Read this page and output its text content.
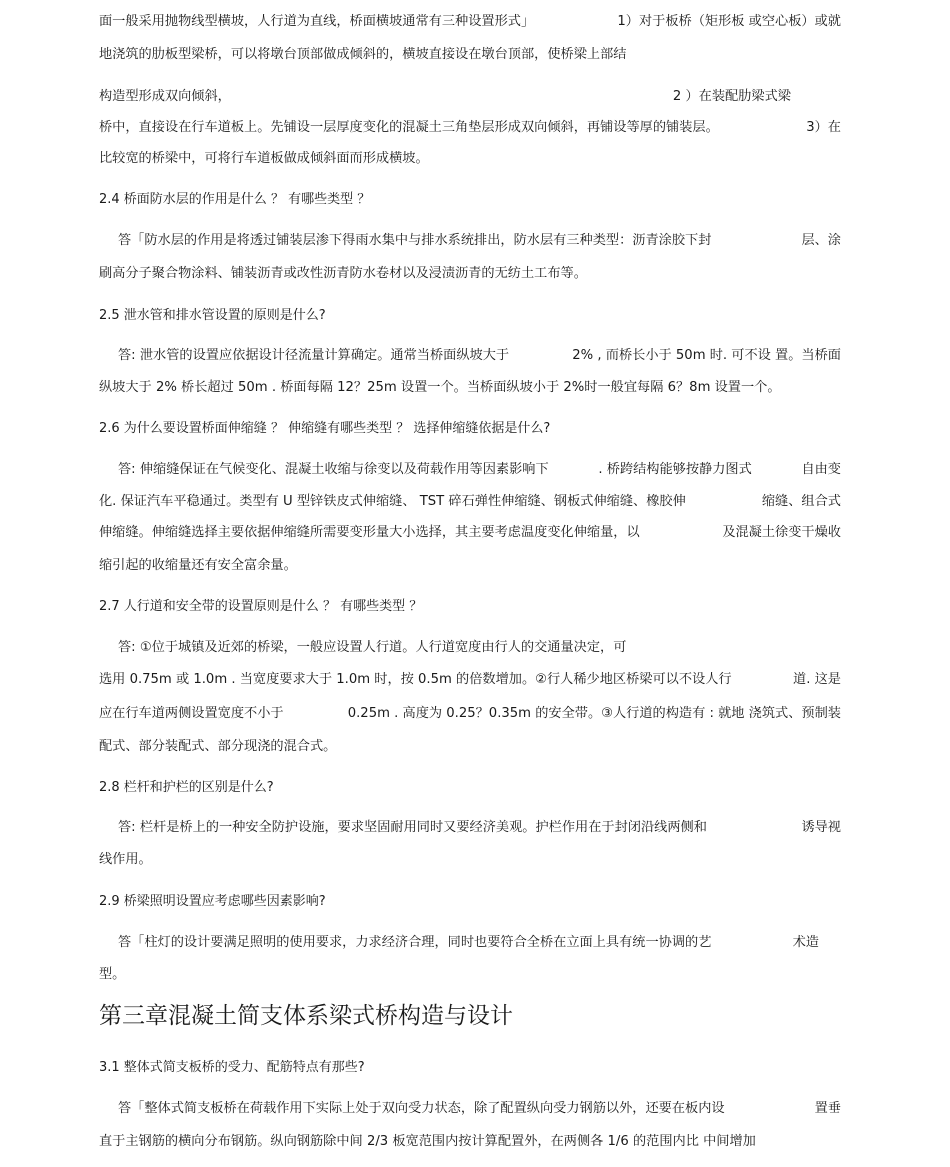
面一般采用抛物线型横坡，人行道为直线，桥面横坡通常有三种设置形式」	1）对于板桥（矩形板 或空心板）或就
地浇筑的肋板型梁桥，可以将墩台顶部做成倾斜的，横坡直接设在墩台顶部，使桥梁上部结
构造型形成双向倾斜，	2 ）在装配肋梁式梁
桥中，直接设在行车道板上。先铺设一层厚度变化的混凝土三角垫层形成双向倾斜，再铺设等厚的铺装层。	3）在
比较宽的桥梁中，可将行车道板做成倾斜面而形成横坡。
2.4 桥面防水层的作用是什么 ？ 有哪些类型 ？
答「防水层的作用是将透过铺装层渗下得雨水集中与排水系统排出，防水层有三种类型：沥青涂胶下封	层、涂
刷高分子聚合物涂料、铺装沥青或改性沥青防水卷材以及浸渍沥青的无纺土工布等。
2.5 泄水管和排水管设置的原则是什么?
答: 泄水管的设置应依据设计径流量计算确定。通常当桥面纵坡大于	2% , 而桥长小于 50m 时. 可不设 置。当桥面
纵坡大于 2% 桥长超过 50m . 桥面每隔 12？25m 设置一个。当桥面纵坡小于 2%时一般宜每隔 6？8m 设置一个。
2.6 为什么要设置桥面伸缩缝 ？ 伸缩缝有哪些类型 ？ 选择伸缩缝依据是什么?
答: 伸缩缝保证在气候变化、混凝土收缩与徐变以及荷载作用等因素影响下	. 桥跨结构能够按静力图式	自由变
化. 保证汽车平稳通过。类型有 U 型锌铁皮式伸缩缝、 TST 碎石弹性伸缩缝、钢板式伸缩缝、橡胶伸	缩缝、组合式
伸缩缝。伸缩缝选择主要依据伸缩缝所需要变形量大小选择，其主要考虑温度变化伸缩量，以	及混凝土徐变干燥收
缩引起的收缩量还有安全富余量。
2.7 人行道和安全带的设置原则是什么 ？ 有哪些类型 ？
答: ①位于城镇及近郊的桥梁，一般应设置人行道。人行道宽度由行人的交通量决定，可
选用 0.75m 或 1.0m . 当宽度要求大于 1.0m 时，按 0.5m 的倍数增加。②行人稀少地区桥梁可以不设人行	道. 这是
应在行车道两侧设置宽度不小于	0.25m . 高度为 0.25？0.35m 的安全带。③人行道的构造有 : 就地 浇筑式、预制装
配式、部分装配式、部分现浇的混合式。
2.8 栏杆和护栏的区别是什么?
答: 栏杆是桥上的一种安全防护设施，要求坚固耐用同时又要经济美观。护栏作用在于封闭沿线两侧和	诱导视
线作用。
2.9 桥梁照明设置应考虑哪些因素影响?
答「柱灯的设计要满足照明的使用要求，力求经济合理，同时也要符合全桥在立面上具有统一协调的艺	术造
型。
第三章混凝土简支体系梁式桥构造与设计
3.1 整体式简支板桥的受力、配筋特点有那些?
答「整体式简支板桥在荷载作用下实际上处于双向受力状态，除了配置纵向受力钢筋以外，还要在板内设	置垂
直于主钢筋的横向分布钢筋。纵向钢筋除中间 2/3 板宽范围内按计算配置外，在两侧各 1/6 的范围内比 中间增加
